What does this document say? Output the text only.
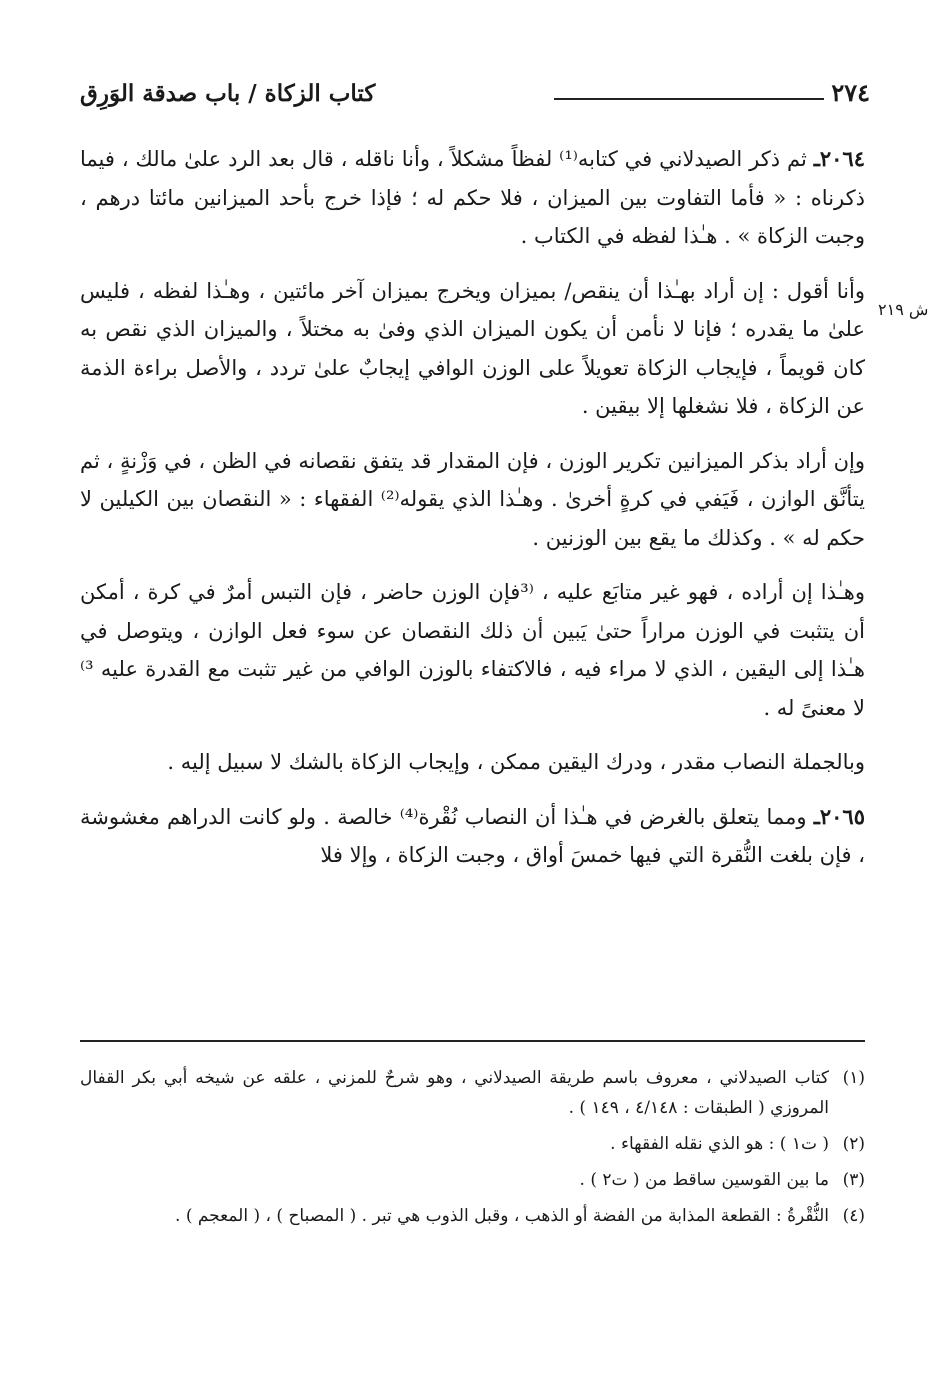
٢٧٤
كتاب الزكاة / باب صدقة الوَرِق
ش ٢١٩

٢٠٦٤ـ ثم ذكر الصيدلاني في كتابه⁽¹⁾ لفظاً مشكلاً ، وأنا ناقله ، قال بعد الرد علىٰ مالك ، فيما ذكرناه : « فأما التفاوت بين الميزان ، فلا حكم له ؛ فإذا خرج بأحد الميزانين مائتا درهم ، وجبت الزكاة » . هـٰذا لفظه في الكتاب .

وأنا أقول : إن أراد بهـٰذا أن ينقص/ بميزان ويخرج بميزان آخر مائتين ، وهـٰذا لفظه ، فليس علىٰ ما يقدره ؛ فإنا لا نأمن أن يكون الميزان الذي وفىٰ به مختلاً ، والميزان الذي نقص به كان قويماً ، فإيجاب الزكاة تعويلاً على الوزن الوافي إيجابٌ علىٰ تردد ، والأصل براءة الذمة عن الزكاة ، فلا نشغلها إلا بيقين .

وإن أراد بذكر الميزانين تكرير الوزن ، فإن المقدار قد يتفق نقصانه في الظن ، في وَزْنةٍ ، ثم يتأنَّق الوازن ، فَيَفي في كرةٍ أخرىٰ . وهـٰذا الذي يقوله⁽²⁾ الفقهاء : « النقصان بين الكيلين لا حكم له » . وكذلك ما يقع بين الوزنين .

وهـٰذا إن أراده ، فهو غير متابَع عليه ، ⁽³فإن الوزن حاضر ، فإن التبس أمرٌ في كرة ، أمكن أن يتثبت في الوزن مراراً حتىٰ يَبين أن ذلك النقصان عن سوء فعل الوازن ، ويتوصل في هـٰذا إلى اليقين ، الذي لا مراء فيه ، فالاكتفاء بالوزن الوافي من غير تثبت مع القدرة عليه ³⁾ لا معنىً له .

وبالجملة النصاب مقدر ، ودرك اليقين ممكن ، وإيجاب الزكاة بالشك لا سبيل إليه .

٢٠٦٥ـ ومما يتعلق بالغرض في هـٰذا أن النصاب نُقْرة⁽⁴⁾ خالصة . ولو كانت الدراهم مغشوشة ، فإن بلغت النُّقرة التي فيها خمسَ أواق ، وجبت الزكاة ، وإلا فلا

(١)
كتاب الصيدلاني ، معروف باسم طريقة الصيدلاني ، وهو شرحٌ للمزني ، علقه عن شيخه أبي بكر القفال المروزي ( الطبقات : ٤/١٤٨ ، ١٤٩ ) .
(٢)
( ت١ ) : هو الذي نقله الفقهاء .
(٣)
ما بين القوسين ساقط من ( ت٢ ) .
(٤)
النُّقْرةُ : القطعة المذابة من الفضة أو الذهب ، وقبل الذوب هي تبر . ( المصباح ) ، ( المعجم ) .
